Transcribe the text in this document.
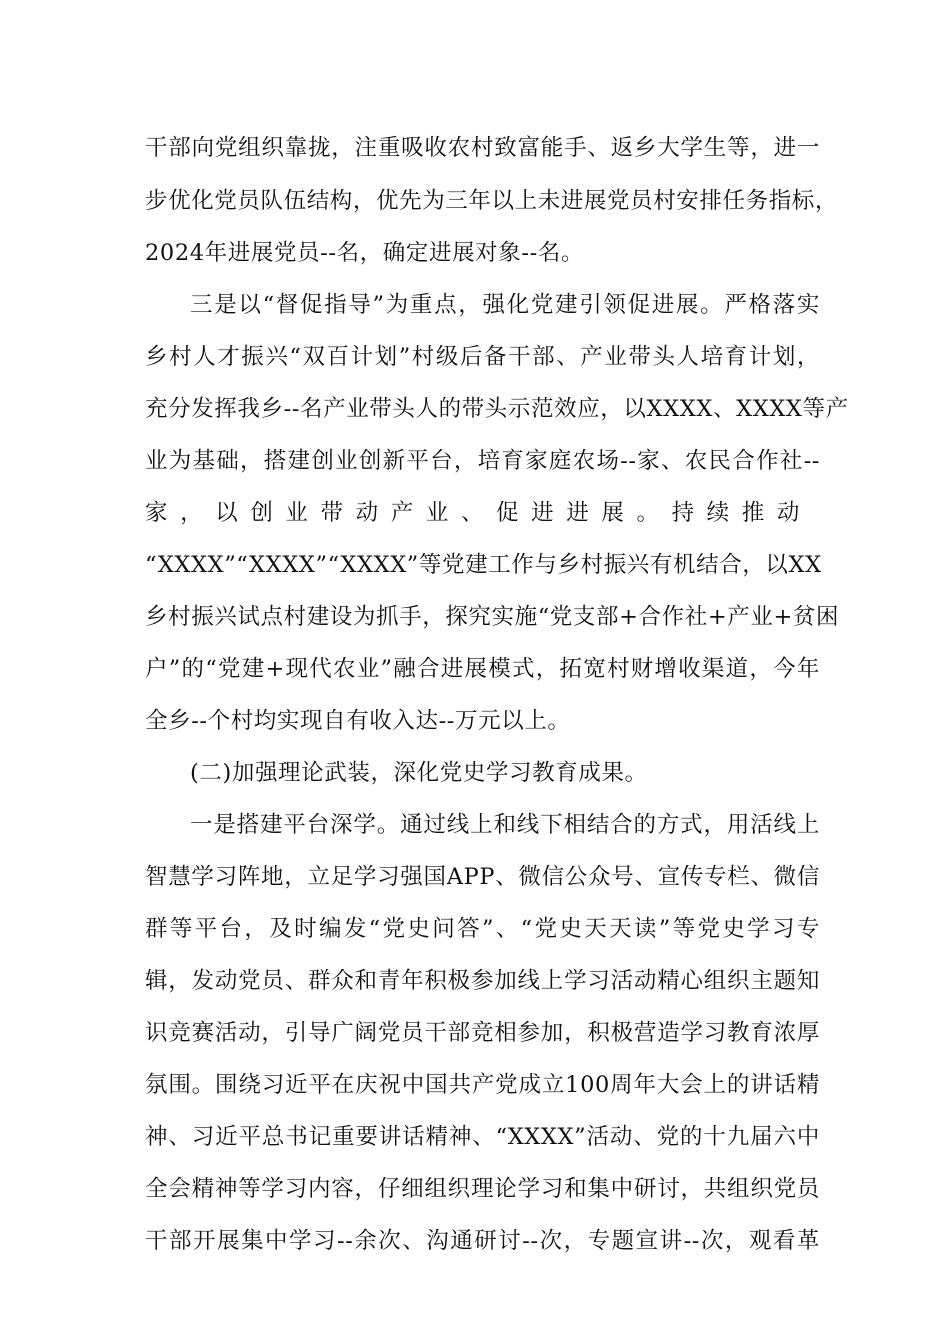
干部向党组织靠拢，注重吸收农村致富能手、返乡大学生等，进一
步优化党员队伍结构，优先为三年以上未进展党员村安排任务指标，
2024年进展党员--名，确定进展对象--名。
三是以“督促指导”为重点，强化党建引领促进展。严格落实
乡村人才振兴“双百计划”村级后备干部、产业带头人培育计划，
充分发挥我乡--名产业带头人的带头示范效应，以XXXX、XXXX等产
业为基础，搭建创业创新平台，培育家庭农场--家、农民合作社--
家，以创业带动产业、促进进展。持续推动
“XXXX”“XXXX”“XXXX”等党建工作与乡村振兴有机结合，以XX
乡村振兴试点村建设为抓手，探究实施“党支部+合作社+产业+贫困
户”的“党建+现代农业”融合进展模式，拓宽村财增收渠道，今年
全乡--个村均实现自有收入达--万元以上。
(二)加强理论武装，深化党史学习教育成果。
一是搭建平台深学。通过线上和线下相结合的方式，用活线上
智慧学习阵地，立足学习强国APP、微信公众号、宣传专栏、微信
群等平台，及时编发“党史问答”、“党史天天读”等党史学习专
辑，发动党员、群众和青年积极参加线上学习活动精心组织主题知
识竞赛活动，引导广阔党员干部竞相参加，积极营造学习教育浓厚
氛围。围绕习近平在庆祝中国共产党成立100周年大会上的讲话精
神、习近平总书记重要讲话精神、“XXXX”活动、党的十九届六中
全会精神等学习内容，仔细组织理论学习和集中研讨，共组织党员
干部开展集中学习--余次、沟通研讨--次，专题宣讲--次，观看革
